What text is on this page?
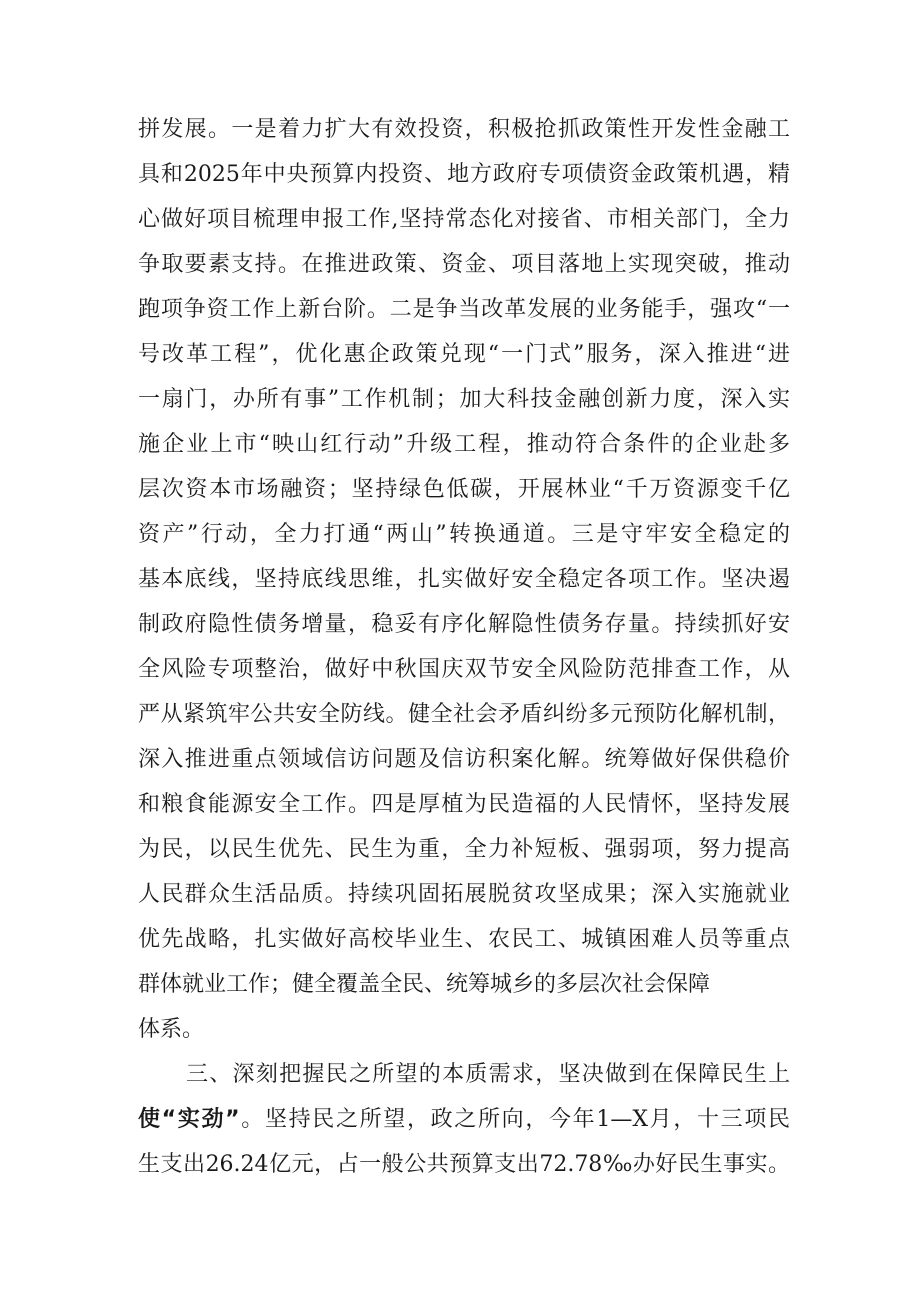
拼发展。一是着力扩大有效投资，积极抢抓政策性开发性金融工
具和2025年中央预算内投资、地方政府专项债资金政策机遇，精
心做好项目梳理申报工作,坚持常态化对接省、市相关部门，全力
争取要素支持。在推进政策、资金、项目落地上实现突破，推动
跑项争资工作上新台阶。二是争当改革发展的业务能手，强攻“一
号改革工程”，优化惠企政策兑现“一门式”服务，深入推进“进
一扇门，办所有事”工作机制；加大科技金融创新力度，深入实
施企业上市“映山红行动”升级工程，推动符合条件的企业赴多
层次资本市场融资；坚持绿色低碳，开展林业“千万资源变千亿
资产”行动，全力打通“两山”转换通道。三是守牢安全稳定的
基本底线，坚持底线思维，扎实做好安全稳定各项工作。坚决遏
制政府隐性债务增量，稳妥有序化解隐性债务存量。持续抓好安
全风险专项整治，做好中秋国庆双节安全风险防范排查工作，从
严从紧筑牢公共安全防线。健全社会矛盾纠纷多元预防化解机制，
深入推进重点领域信访问题及信访积案化解。统筹做好保供稳价
和粮食能源安全工作。四是厚植为民造福的人民情怀，坚持发展
为民，以民生优先、民生为重，全力补短板、强弱项，努力提高
人民群众生活品质。持续巩固拓展脱贫攻坚成果；深入实施就业
优先战略，扎实做好高校毕业生、农民工、城镇困难人员等重点
群体就业工作；健全覆盖全民、统筹城乡的多层次社会保障
体系。
三、深刻把握民之所望的本质需求，坚决做到在保障民生上
使“实劲”。坚持民之所望，政之所向，今年1—X月，十三项民
生支出26.24亿元，占一般公共预算支出72.78‰办好民生事实。
